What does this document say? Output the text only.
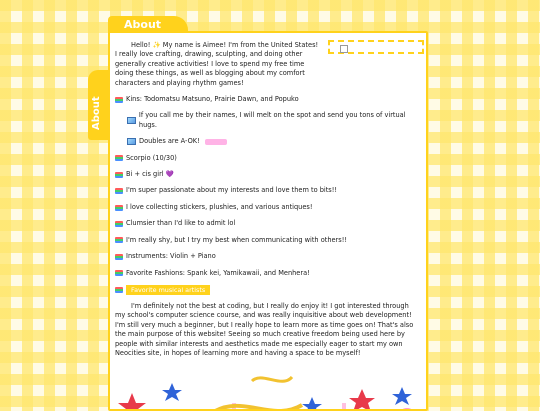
About
About
Hello! ✨ My name is Aimee! I'm from the United States! I really love crafting, drawing, sculpting, and doing other generally creative activities! I love to spend my free time doing these things, as well as blogging about my comfort characters and playing rhythm games!
Kins: Todomatsu Matsuno, Prairie Dawn, and Popuko
If you call me by their names, I will melt on the spot and send you tons of virtual hugs.
Doubles are A-OK!
Scorpio (10/30)
Bi + cis girl 💜
I'm super passionate about my interests and love them to bits!!
I love collecting stickers, plushies, and various antiques!
Clumsier than I'd like to admit lol
I'm really shy, but I try my best when communicating with others!!
Instruments: Violin + Piano
Favorite Fashions: Spank kei, Yamikawaii, and Menhera!
Favorite musical artists
I'm definitely not the best at coding, but I really do enjoy it! I got interested through my school's computer science course, and was really inquisitive about web development! I'm still very much a beginner, but I really hope to learn more as time goes on! That's also the main purpose of this website! Seeing so much creative freedom being used here by people with similar interests and aesthetics made me especially eager to start my own Neocities site, in hopes of learning more and having a space to be myself!
